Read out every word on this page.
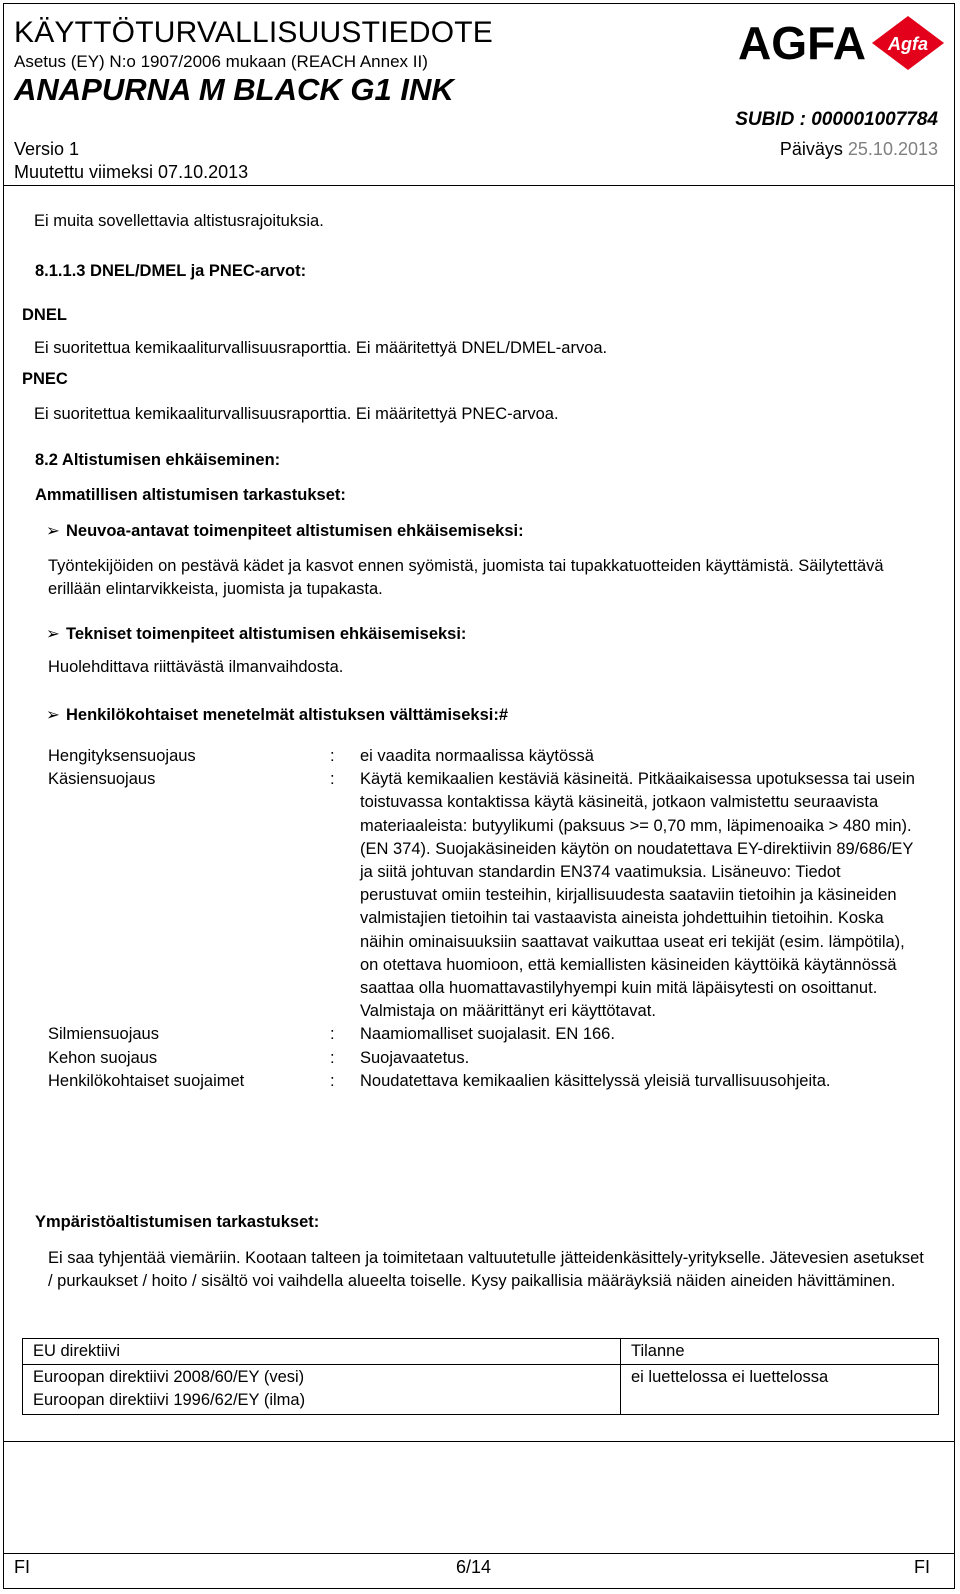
KÄYTTÖTURVALLISUUSTIEDOTE
Asetus (EY) N:o 1907/2006 mukaan (REACH Annex II)
ANAPURNA M BLACK G1 INK
AGFA Agfa
SUBID : 000001007784
Versio 1	Päiväys 25.10.2013
Muutettu viimeksi 07.10.2013
Ei muita sovellettavia altistusrajoituksia.
8.1.1.3 DNEL/DMEL ja PNEC-arvot:
DNEL
Ei suoritettua kemikaaliturvallisuusraporttia. Ei määritettyä DNEL/DMEL-arvoa.
PNEC
Ei suoritettua kemikaaliturvallisuusraporttia. Ei määritettyä PNEC-arvoa.
8.2 Altistumisen ehkäiseminen:
Ammatillisen altistumisen tarkastukset:
➢ Neuvoa-antavat toimenpiteet altistumisen ehkäisemiseksi:
Työntekijöiden on pestävä kädet ja kasvot ennen syömistä, juomista tai tupakkatuotteiden käyttämistä. Säilytettävä erillään elintarvikkeista, juomista ja tupakasta.
➢ Tekniset toimenpiteet altistumisen ehkäisemiseksi:
Huolehdittava riittävästä ilmanvaihdosta.
➢ Henkilökohtaiset menetelmät altistuksen välttämiseksi:#
Hengityksensuojaus	:	ei vaadita normaalissa käytössä
Käsiensuojaus	:	Käytä kemikaalien kestäviä käsineitä. Pitkäaikaisessa upotuksessa tai usein toistuvassa kontaktissa käytä käsineitä, jotkaon valmistettu seuraavista materiaaleista: butyylikumi (paksuus >= 0,70 mm, läpimenoaika > 480 min). (EN 374). Suojakäsineiden käytön on noudatettava EY-direktiivin 89/686/EY ja siitä johtuvan standardin EN374 vaatimuksia. Lisäneuvo: Tiedot perustuvat omiin testeihin, kirjallisuudesta saataviin tietoihin ja käsineiden valmistajien tietoihin tai vastaavista aineista johdettuihin tietoihin. Koska näihin ominaisuuksiin saattavat vaikuttaa useat eri tekijät (esim. lämpötila), on otettava huomioon, että kemiallisten käsineiden käyttöikä käytännössä saattaa olla huomattavastilyhyempi kuin mitä läpäisytesti on osoittanut. Valmistaja on määrittänyt eri käyttötavat.
Silmiensuojaus	:	Naamiomalliset suojalasit. EN 166.
Kehon suojaus	:	Suojavaatetus.
Henkilökohtaiset suojaimet	:	Noudatettava kemikaalien käsittelyssä yleisiä turvallisuusohjeita.
Ympäristöaltistumisen tarkastukset:
Ei saa tyhjentää viemäriin. Kootaan talteen ja toimitetaan valtuutetulle jätteidenkäsittely-yritykselle. Jätevesien asetukset / purkaukset / hoito / sisältö voi vaihdella alueelta toiselle. Kysy paikallisia määräyksiä näiden aineiden hävittäminen.
EU direktiivi	Tilanne

Euroopan direktiivi 2008/60/EY (vesi)
Euroopan direktiivi 1996/62/EY (ilma)	ei luettelossa ei luettelossa
FI	6/14	FI
